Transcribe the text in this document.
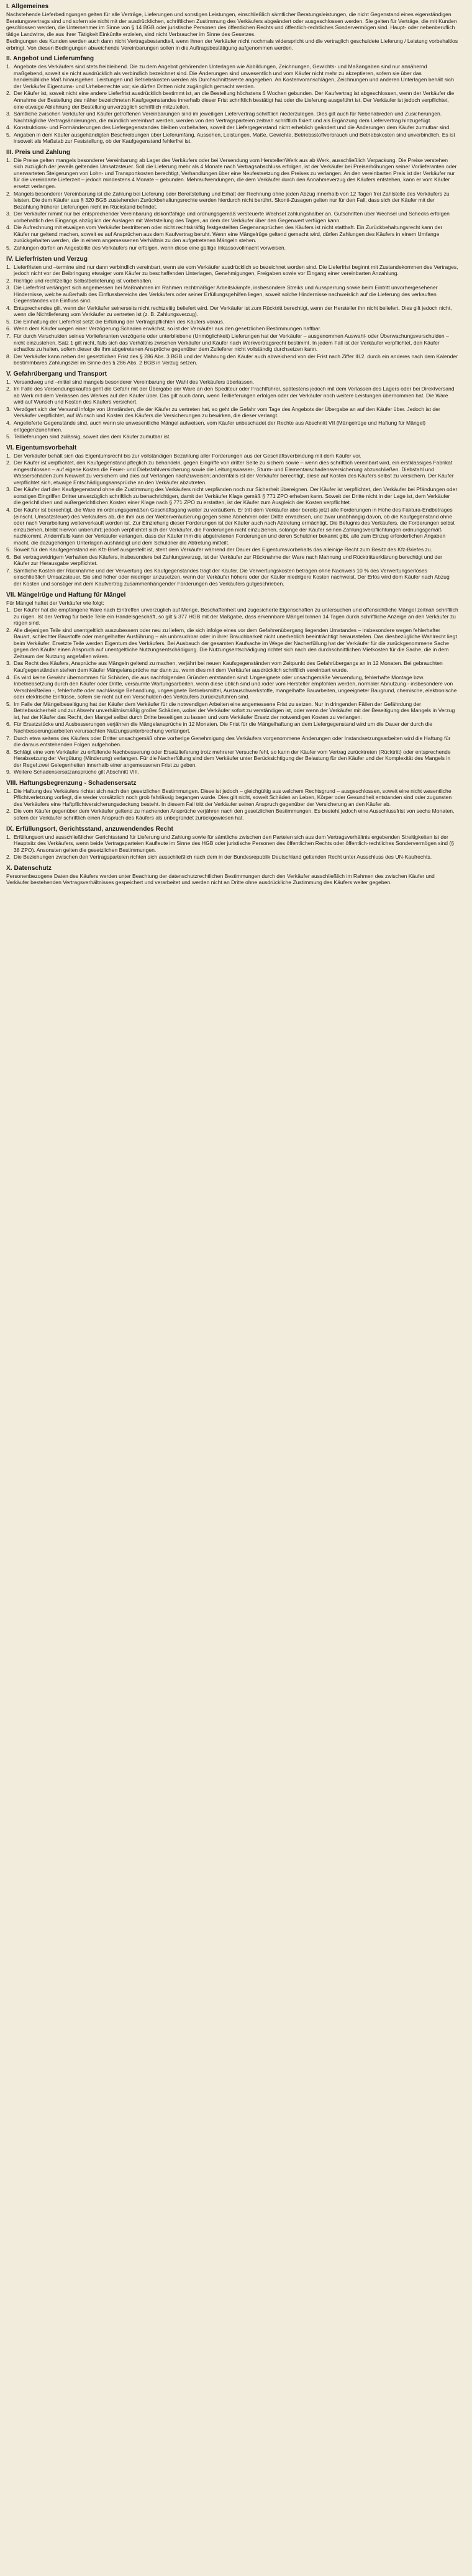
I. Allgemeines

Nachstehende Lieferbedingungen gelten für alle Verträge, Lieferungen und sonstigen Leistungen, einschließlich sämtlicher Beratungsleistungen, die nicht Gegenstand eines eigenständigen Beratungsvertrags sind und sofern sie nicht mit der ausdrücklichen, schriftlichen Zustimmung des Verkäufers abgeändert oder ausgeschlossen werden. Sie gelten für Verträge, die mit Kunden geschlossen werden, die Unternehmer im Sinne von § 14 BGB oder juristische Personen des öffentlichen Rechts und öffentlich-rechtliches Sondervermögen sind. Haupt- oder nebenberuflich tätige Landwirte, die aus ihrer Tätigkeit Einkünfte erzielen, sind nicht Verbraucher im Sinne des Gesetzes.

Bedingungen des Kunden werden auch dann nicht Vertragsbestandteil, wenn ihnen der Verkäufer nicht nochmals widerspricht und die vertraglich geschuldete Lieferung / Leistung vorbehaltlos erbringt. Von diesen Bedingungen abweichende Vereinbarungen sollen in die Auftragsbestätigung aufgenommen werden.

II. Angebot und Lieferumfang
1. Angebote des Verkäufers sind stets freibleibend. Die zu dem Angebot gehörenden Unterlagen wie Abbildungen, Zeichnungen, Gewichts- und Maßangaben sind nur annähernd maßgebend, soweit sie nicht ausdrücklich als verbindlich bezeichnet sind. Die Änderungen sind unwesentlich und vom Käufer nicht mehr zu akzeptieren, sofern sie über das handelsübliche Maß hinausgehen. Leistungen und Betriebskosten werden als Durchschnittswerte angegeben. An Kostenvoranschlägen, Zeichnungen und anderen Unterlagen behält sich der Verkäufer Eigentums- und Urheberrechte vor; sie dürfen Dritten nicht zugänglich gemacht werden.
2. Der Käufer ist, soweit nicht eine andere Lieferfrist ausdrücklich bestimmt ist, an die Bestellung höchstens 6 Wochen gebunden. Der Kaufvertrag ist abgeschlossen, wenn der Verkäufer die Annahme der Bestellung des näher bezeichneten Kaufgegenstandes innerhalb dieser Frist schriftlich bestätigt hat oder die Lieferung ausgeführt ist. Der Verkäufer ist jedoch verpflichtet, eine etwaige Ablehnung der Bestellung unverzüglich schriftlich mitzuteilen.
3. Sämtliche zwischen Verkäufer und Käufer getroffenen Vereinbarungen sind im jeweiligen Liefervertrag schriftlich niederzulegen. Dies gilt auch für Nebenabreden und Zusicherungen. Nachträgliche Vertragsänderungen, die mündlich vereinbart werden, werden von den Vertragsparteien zeitnah schriftlich fixiert und als Ergänzung dem Liefervertrag hinzugefügt.
4. Konstruktions- und Formänderungen des Liefergegenstandes bleiben vorbehalten, soweit der Liefergegenstand nicht erheblich geändert und die Änderungen dem Käufer zumutbar sind.
5. Angaben in dem Käufer ausgehändigten Beschreibungen über Lieferumfang, Aussehen, Leistungen, Maße, Gewichte, Betriebsstoffverbrauch und Betriebskosten sind unverbindlich. Es ist insoweit als Maßstab zur Feststellung, ob der Kaufgegenstand fehlerfrei ist.
III. Preis und Zahlung
1. Die Preise gelten mangels besonderer Vereinbarung ab Lager des Verkäufers oder bei Versendung vom Hersteller/Werk aus ab Werk, ausschließlich Verpackung. Die Preise verstehen sich zuzüglich der jeweils geltenden Umsatzsteuer. Soll die Lieferung mehr als 4 Monate nach Vertragsabschluss erfolgen, ist der Verkäufer bei Preiserhöhungen seiner Vorlieferanten oder unerwarteten Steigerungen von Lohn- und Transportkosten berechtigt, Verhandlungen über eine Neufestsetzung des Preises zu verlangen. An den vereinbarten Preis ist der Verkäufer nur für die vereinbarte Lieferzeit – jedoch mindestens 4 Monate – gebunden. Mehraufwendungen, die dem Verkäufer durch den Annahmeverzug des Käufers entstehen, kann er vom Käufer ersetzt verlangen.
2. Mangels besonderer Vereinbarung ist die Zahlung bei Lieferung oder Bereitstellung und Erhalt der Rechnung ohne jeden Abzug innerhalb von 12 Tagen frei Zahlstelle des Verkäufers zu leisten. Die dem Käufer aus § 320 BGB zustehenden Zurückbehaltungsrechte werden hierdurch nicht berührt. Skonti-Zusagen gelten nur für den Fall, dass sich der Käufer mit der Bezahlung früherer Lieferungen nicht im Rückstand befindet.
3. Der Verkäufer nimmt nur bei entsprechender Vereinbarung diskontfähige und ordnungsgemäß versteuerte Wechsel zahlungshalber an. Gutschriften über Wechsel und Schecks erfolgen vorbehaltlich des Eingangs abzüglich der Auslagen mit Wertstellung des Tages, an dem der Verkäufer über den Gegenwert verfügen kann.
4. Die Aufrechnung mit etwaigen vom Verkäufer bestrittenen oder nicht rechtskräftig festgestellten Gegenansprüchen des Käufers ist nicht statthaft. Ein Zurückbehaltungsrecht kann der Käufer nur geltend machen, soweit es auf Ansprüchen aus dem Kaufvertrag beruht. Wenn eine Mängelrüge geltend gemacht wird, dürfen Zahlungen des Käufers in einem Umfange zurückgehalten werden, die in einem angemessenen Verhältnis zu den aufgetretenen Mängeln stehen.
5. Zahlungen dürfen an Angestellte des Verkäufers nur erfolgen, wenn diese eine gültige Inkassovollmacht vorweisen.
IV. Lieferfristen und Verzug
1. Lieferfristen und –termine sind nur dann verbindlich vereinbart, wenn sie vom Verkäufer ausdrücklich so bezeichnet worden sind. Die Lieferfrist beginnt mit Zustandekommen des Vertrages, jedoch nicht vor der Beibringung etwaiger vom Käufer zu beschaffenden Unterlagen, Genehmigungen, Freigaben sowie vor Eingang einer vereinbarten Anzahlung.
2. Richtige und rechtzeitige Selbstbelieferung ist vorbehalten.
3. Die Lieferfrist verlängert sich angemessen bei Maßnahmen im Rahmen rechtmäßiger Arbeitskämpfe, insbesondere Streiks und Aussperrung sowie beim Eintritt unvorhergesehener Hindernisse, welche außerhalb des Einflussbereichs des Verkäufers oder seiner Erfüllungsgehilfen liegen, soweit solche Hindernisse nachweislich auf die Lieferung des verkauften Gegenstandes von Einfluss sind.
4. Entsprechendes gilt, wenn der Verkäufer seinerseits nicht rechtzeitig beliefert wird. Der Verkäufer ist zum Rücktritt berechtigt, wenn der Hersteller ihn nicht beliefert. Dies gilt jedoch nicht, wenn die Nichtlieferung vom Verkäufer zu vertreten ist (z. B. Zahlungsverzug).
5. Die Einhaltung der Lieferfrist setzt die Erfüllung der Vertragspflichten des Käufers voraus.
6. Wenn dem Käufer wegen einer Verzögerung Schaden erwächst, so ist der Verkäufer aus den gesetzlichen Bestimmungen haftbar.
7. Für durch Verschulden seines Vorlieferanten verzögerte oder unterbliebene (Unmöglichkeit) Lieferungen hat der Verkäufer – ausgenommen Auswahl- oder Überwachungsverschulden – nicht einzustehen. Satz 1 gilt nicht, falls sich das Verhältnis zwischen Verkäufer und Käufer nach Werkvertragsrecht bestimmt. In jedem Fall ist der Verkäufer verpflichtet, den Käufer schadlos zu halten, sofern dieser die ihm abgetretenen Ansprüche gegenüber dem Zulieferer nicht vollständig durchsetzen kann.
8. Der Verkäufer kann neben der gesetzlichen Frist des § 286 Abs. 3 BGB und der Mahnung den Käufer auch abweichend von der Frist nach Ziffer III.2. durch ein anderes nach dem Kalender bestimmbares Zahlungsziel im Sinne des § 286 Abs. 2 BGB in Verzug setzen.
V. Gefahrübergang und Transport
1. Versandweg und –mittel sind mangels besonderer Vereinbarung der Wahl des Verkäufers überlassen.
2. Im Falle des Versendungskaufes geht die Gefahr mit der Übergabe der Ware an den Spediteur oder Frachtführer, spätestens jedoch mit dem Verlassen des Lagers oder bei Direktversand ab Werk mit dem Verlassen des Werkes auf den Käufer über. Das gilt auch dann, wenn Teillieferungen erfolgen oder der Verkäufer noch weitere Leistungen übernommen hat. Die Ware wird auf Wunsch und Kosten des Käufers versichert.
3. Verzögert sich der Versand infolge von Umständen, die der Käufer zu vertreten hat, so geht die Gefahr vom Tage des Angebots der Übergabe an auf den Käufer über. Jedoch ist der Verkäufer verpflichtet, auf Wunsch und Kosten des Käufers die Versicherungen zu bewirken, die dieser verlangt.
4. Angelieferte Gegenstände sind, auch wenn sie unwesentliche Mängel aufweisen, vom Käufer unbeschadet der Rechte aus Abschnitt VII (Mängelrüge und Haftung für Mängel) entgegenzunehmen.
5. Teillieferungen sind zulässig, soweit dies dem Käufer zumutbar ist.
VI. Eigentumsvorbehalt
1. Der Verkäufer behält sich das Eigentumsrecht bis zur vollständigen Bezahlung aller Forderungen aus der Geschäftsverbindung mit dem Käufer vor.
2. Der Käufer ist verpflichtet, den Kaufgegenstand pfleglich zu behandeln, gegen Eingriffe von dritter Seite zu sichern sowie – wenn dies schriftlich vereinbart wird, ein erstklassiges Fabrikat eingeschlossen – auf eigene Kosten die Feuer- und Diebstahlversicherung sowie die Leitungswasser-, Sturm- und Elementarschadensversicherung abzuschließen. Diebstahl und Wasserschäden zum Neuwert zu versichern und dies auf Verlangen nachzuweisen; andernfalls ist der Verkäufer berechtigt, diese auf Kosten des Käufers selbst zu versichern. Der Käufer verpflichtet sich, etwaige Entschädigungsansprüche an den Verkäufer abzutreten.
3. Der Käufer darf den Kaufgegenstand ohne die Zustimmung des Verkäufers nicht verpfänden noch zur Sicherheit übereignen. Der Käufer ist verpflichtet, den Verkäufer bei Pfändungen oder sonstigen Eingriffen Dritter unverzüglich schriftlich zu benachrichtigen, damit der Verkäufer Klage gemäß § 771 ZPO erheben kann. Soweit der Dritte nicht in der Lage ist, dem Verkäufer die gerichtlichen und außergerichtlichen Kosten einer Klage nach § 771 ZPO zu erstatten, ist der Käufer zum Ausgleich der Kosten verpflichtet.
4. Der Käufer ist berechtigt, die Ware im ordnungsgemäßen Geschäftsgang weiter zu veräußern. Er tritt dem Verkäufer aber bereits jetzt alle Forderungen in Höhe des Faktura-Endbetrages (einschl. Umsatzsteuer) des Verkäufers ab, die ihm aus der Weiterveräußerung gegen seine Abnehmer oder Dritte erwachsen, und zwar unabhängig davon, ob die Kaufgegenstand ohne oder nach Verarbeitung weiterverkauft worden ist. Zur Einziehung dieser Forderungen ist der Käufer auch nach Abtretung ermächtigt. Die Befugnis des Verkäufers, die Forderungen selbst einzuziehen, bleibt hiervon unberührt; jedoch verpflichtet sich der Verkäufer, die Forderungen nicht einzuziehen, solange der Käufer seinen Zahlungsverpflichtungen ordnungsgemäß nachkommt. Andernfalls kann der Verkäufer verlangen, dass der Käufer ihm die abgetretenen Forderungen und deren Schuldner bekannt gibt, alle zum Einzug erforderlichen Angaben macht, die dazugehörigen Unterlagen aushändigt und dem Schuldner die Abtretung mitteilt.
5. Soweit für den Kaufgegenstand ein Kfz-Brief ausgestellt ist, steht dem Verkäufer während der Dauer des Eigentumsvorbehalts das alleinige Recht zum Besitz des Kfz-Briefes zu.
6. Bei vertragswidrigem Verhalten des Käufers, insbesondere bei Zahlungsverzug, ist der Verkäufer zur Rücknahme der Ware nach Mahnung und Rücktrittserklärung berechtigt und der Käufer zur Herausgabe verpflichtet.
7. Sämtliche Kosten der Rücknahme und der Verwertung des Kaufgegenstandes trägt der Käufer. Die Verwertungskosten betragen ohne Nachweis 10 % des Verwertungserlöses einschließlich Umsatzsteuer. Sie sind höher oder niedriger anzusetzen, wenn der Verkäufer höhere oder der Käufer niedrigere Kosten nachweist. Der Erlös wird dem Käufer nach Abzug der Kosten und sonstiger mit dem Kaufvertrag zusammenhängender Forderungen des Verkäufers gutgeschrieben.
VII. Mängelrüge und Haftung für Mängel

Für Mängel haftet der Verkäufer wie folgt:

1. Der Käufer hat die empfangene Ware nach Eintreffen unverzüglich auf Menge, Beschaffenheit und zugesicherte Eigenschaften zu untersuchen und offensichtliche Mängel zeitnah schriftlich zu rügen. Ist der Vertrag für beide Teile ein Handelsgeschäft, so gilt § 377 HGB mit der Maßgabe, dass erkennbare Mängel binnen 14 Tagen durch schriftliche Anzeige an den Verkäufer zu rügen sind.
2. Alle diejenigen Teile sind unentgeltlich auszubessern oder neu zu liefern, die sich infolge eines vor dem Gefahrenübergang liegenden Umstandes – insbesondere wegen fehlerhafter Bauart, schlechter Baustoffe oder mangelhafter Ausführung – als unbrauchbar oder in ihrer Brauchbarkeit nicht unerheblich beeinträchtigt herausstellen. Das diesbezügliche Wahlrecht liegt beim Verkäufer. Ersetzte Teile werden Eigentum des Verkäufers. Bei Ausbauch der gesamten Kaufsache im Wege der Nacherfüllung hat der Verkäufer für die zurückgenommene Sache gegen den Käufer einen Anspruch auf unentgeltliche Nutzungsentschädigung. Die Nutzungsentschädigung richtet sich nach den durchschnittlichen Mietkosten für die Sache, die in dem Zeitraum der Nutzung angefallen wären.
3. Das Recht des Käufers, Ansprüche aus Mängeln geltend zu machen, verjährt bei neuen Kaufsgegenständen vom Zeitpunkt des Gefahrübergangs an in 12 Monaten. Bei gebrauchten Kaufgegenständen stehen dem Käufer Mängelansprüche nur dann zu, wenn dies mit dem Verkäufer ausdrücklich schriftlich vereinbart wurde.
4. Es wird keine Gewähr übernommen für Schäden, die aus nachfolgenden Gründen entstanden sind: Ungeeignete oder unsachgemäße Verwendung, fehlerhafte Montage bzw. Inbetriebsetzung durch den Käufer oder Dritte, versäumte Wartungsarbeiten, wenn diese üblich sind und /oder vom Hersteller empfohlen werden, normaler Abnutzung - insbesondere von Verschleißteilen -, fehlerhafte oder nachlässige Behandlung, ungeeignete Betriebsmittel, Austauschwerkstoffe, mangelhafte Bauarbeiten, ungeeigneter Baugrund, chemische, elektronische oder elektrische Einflüsse, sofern sie nicht auf ein Verschulden des Verkäufers zurückzuführen sind.
5. Im Falle der Mängelbeseitigung hat der Käufer dem Verkäufer für die notwendigen Arbeiten eine angemessene Frist zu setzen. Nur in dringenden Fällen der Gefährdung der Betriebssicherheit und zur Abwehr unverhältnismäßig großer Schäden, wobei der Verkäufer sofort zu verständigen ist, oder wenn der Verkäufer mit der Beseitigung des Mangels in Verzug ist, hat der Käufer das Recht, den Mangel selbst durch Dritte beseitigen zu lassen und vom Verkäufer Ersatz der notwendigen Kosten zu verlangen.
6. Für Ersatzstücke und Ausbesserungen verjähren die Mängelansprüche in 12 Monaten. Die Frist für die Mängelhaftung an dem Liefergegenstand wird um die Dauer der durch die Nachbesserungsarbeiten verursachten Nutzungsunterbrechung verlängert.
7. Durch etwa seitens des Käufers oder Dritter unsachgemäß ohne vorherige Genehmigung des Verkäufers vorgenommene Änderungen oder Instandsetzungsarbeiten wird die Haftung für die daraus entstehenden Folgen aufgehoben.
8. Schlägt eine vom Verkäufer zu erfüllende Nachbesserung oder Ersatzlieferung trotz mehrerer Versuche fehl, so kann der Käufer vom Vertrag zurücktreten (Rücktritt) oder entsprechende Herabsetzung der Vergütung (Minderung) verlangen. Für die Nacherfüllung sind dem Verkäufer unter Berücksichtigung der Belastung für den Käufer und der Komplexität des Mangels in der Regel zwei Gelegenheiten innerhalb einer angemessenen Frist zu geben.
9. Weitere Schadensersatzansprüche gilt Abschnitt VIII.
VIII. Haftungsbegrenzung - Schadensersatz
1. Die Haftung des Verkäufers richtet sich nach den gesetzlichen Bestimmungen. Diese ist jedoch – gleichgültig aus welchem Rechtsgrund – ausgeschlossen, soweit eine nicht wesentliche Pflichtverletzung vorliegt, die weder vorsätzlich noch grob fahrlässig begangen wurde. Dies gilt nicht, soweit Schäden an Leben, Körper oder Gesundheit entstanden sind oder zugunsten des Verkäufers eine Haftpflichtversicherungsdeckung besteht. In diesem Fall tritt der Verkäufer seinen Anspruch gegenüber der Versicherung an den Käufer ab.
2. Die vom Käufer gegenüber dem Verkäufer geltend zu machenden Ansprüche verjähren nach den gesetzlichen Bestimmungen. Es besteht jedoch eine Ausschlussfrist von sechs Monaten, sofern der Verkäufer schriftlich einen Anspruch des Käufers als unbegründet zurückgewiesen hat.
IX. Erfüllungsort, Gerichtsstand, anzuwendendes Recht
1. Erfüllungsort und ausschließlicher Gerichtsstand für Lieferung und Zahlung sowie für sämtliche zwischen den Parteien sich aus dem Vertragsverhältnis ergebenden Streitigkeiten ist der Hauptsitz des Verkäufers, wenn beide Vertragsparteien Kaufleute im Sinne des HGB oder juristische Personen des öffentlichen Rechts oder öffentlich-rechtliches Sondervermögen sind (§ 38 ZPO). Ansonsten gelten die gesetzlichen Bestimmungen.
2. Die Beziehungen zwischen den Vertragsparteien richten sich ausschließlich nach dem in der Bundesrepublik Deutschland geltenden Recht unter Ausschluss des UN-Kaufrechts.
X. Datenschutz

Personenbezogene Daten des Käufers werden unter Beachtung der datenschutzrechtlichen Bestimmungen durch den Verkäufer ausschließlich im Rahmen des zwischen Käufer und Verkäufer bestehenden Vertragsverhältnisses gespeichert und verarbeitet und werden nicht an Dritte ohne ausdrückliche Zustimmung des Käufers weiter gegeben.
